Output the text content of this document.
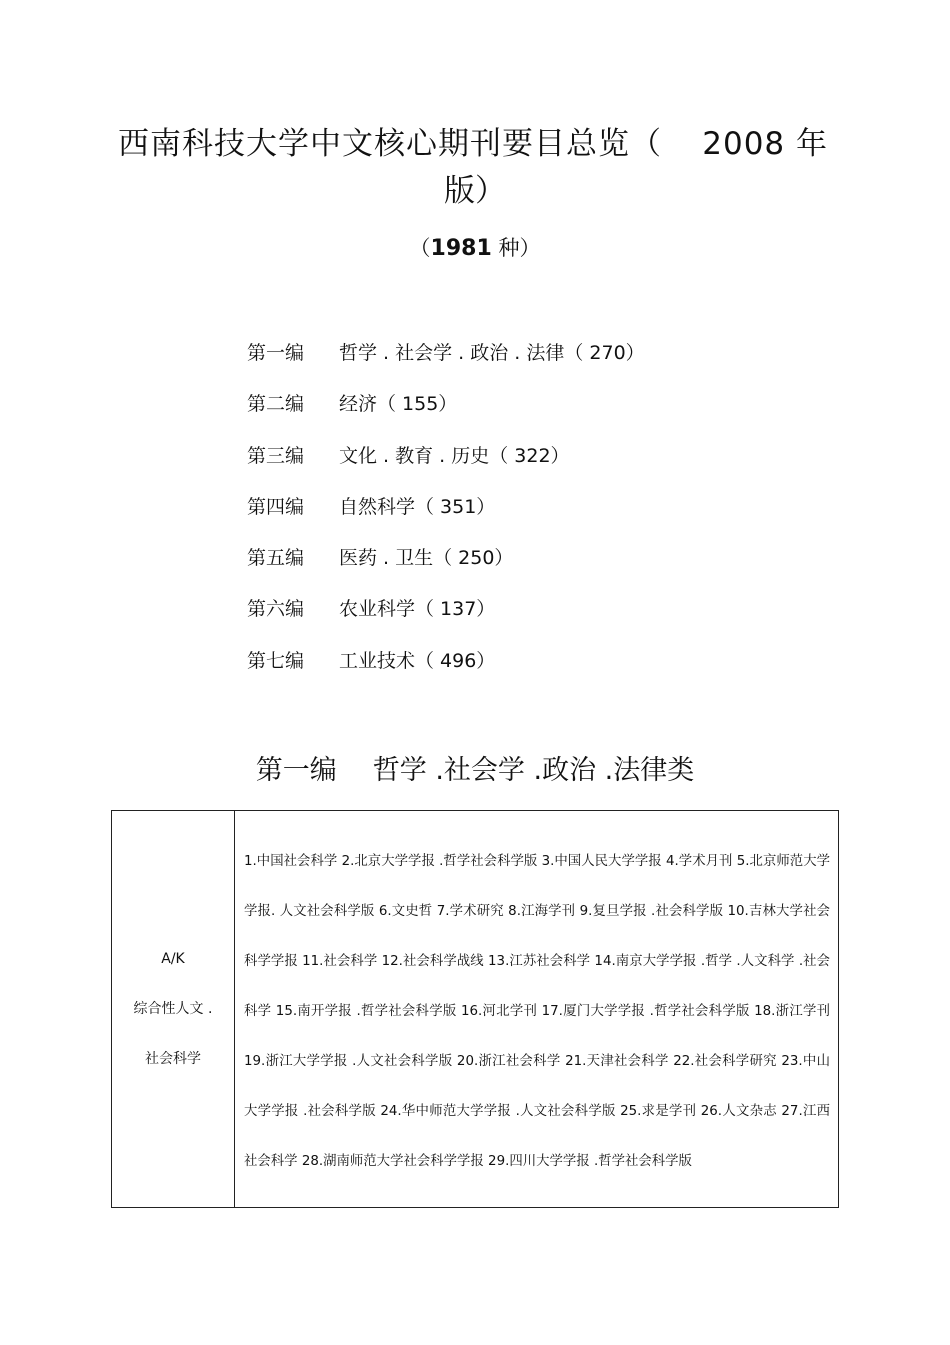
西南科技大学中文核心期刊要目总览（ 2008 年
版）
（1981 种）
第一编	哲学 . 社会学 . 政治 . 法律（ 270）
第二编	经济（ 155）
第三编	文化 . 教育 . 历史（ 322）
第四编	自然科学（ 351）
第五编	医药 . 卫生（ 250）
第六编	农业科学（ 137）
第七编	工业技术（ 496）
第一编 哲学 .社会学 .政治 .法律类
A/K
综合性人文 .
社会科学
	1.中国社会科学 2.北京大学学报 .哲学社会科学版 3.中国人民大学学报 4.学术月刊 5.北京师范大学学报. 人文社会科学版 6.文史哲 7.学术研究 8.江海学刊 9.复旦学报 .社会科学版 10.吉林大学社会科学学报 11.社会科学 12.社会科学战线 13.江苏社会科学 14.南京大学学报 .哲学 .人文科学 .社会科学 15.南开学报 .哲学社会科学版 16.河北学刊 17.厦门大学学报 .哲学社会科学版 18.浙江学刊 19.浙江大学学报 .人文社会科学版 20.浙江社会科学 21.天津社会科学 22.社会科学研究 23.中山大学学报 .社会科学版 24.华中师范大学学报 .人文社会科学版 25.求是学刊 26.人文杂志 27.江西社会科学 28.湖南师范大学社会科学学报 29.四川大学学报 .哲学社会科学版
